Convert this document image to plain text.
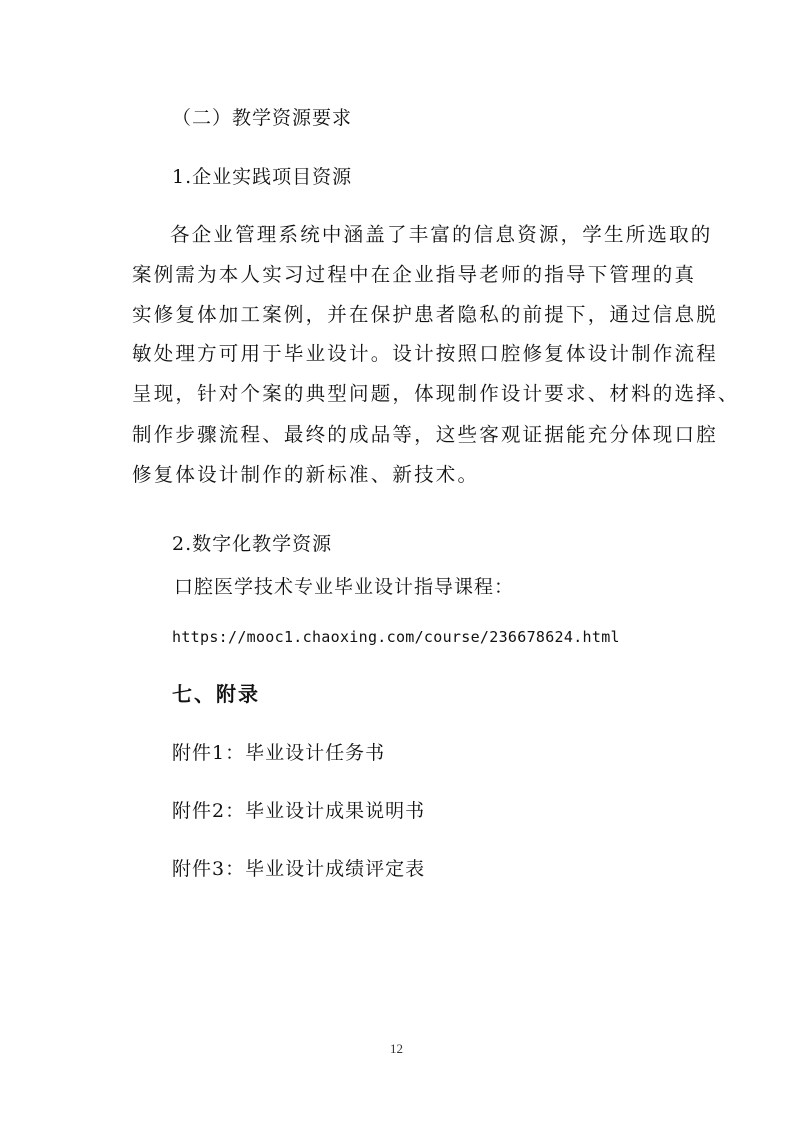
（二）教学资源要求
1.企业实践项目资源
各企业管理系统中涵盖了丰富的信息资源，学生所选取的
案例需为本人实习过程中在企业指导老师的指导下管理的真
实修复体加工案例，并在保护患者隐私的前提下，通过信息脱
敏处理方可用于毕业设计。设计按照口腔修复体设计制作流程
呈现，针对个案的典型问题，体现制作设计要求、材料的选择、
制作步骤流程、最终的成品等，这些客观证据能充分体现口腔
修复体设计制作的新标准、新技术。
2.数字化教学资源
口腔医学技术专业毕业设计指导课程：
https://mooc1.chaoxing.com/course/236678624.html
七、附录
附件1：毕业设计任务书
附件2：毕业设计成果说明书
附件3：毕业设计成绩评定表
12
